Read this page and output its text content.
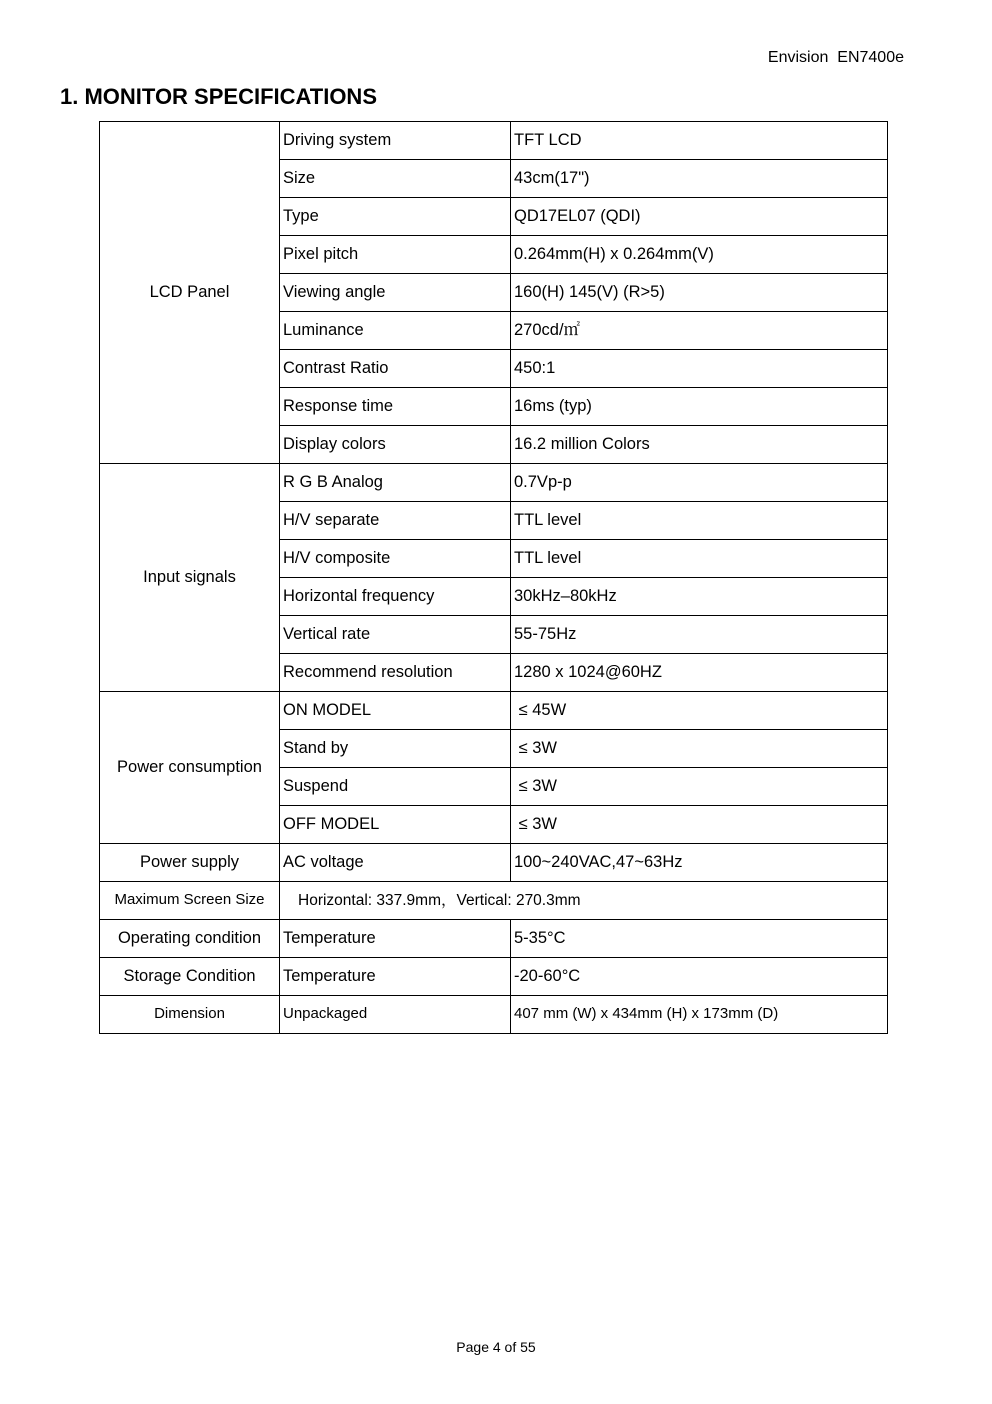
Envision  EN7400e
1. MONITOR SPECIFICATIONS
LCD Panel	Driving system	TFT LCD
	Size	43cm(17")
	Type	QD17EL07 (QDI)
	Pixel pitch	0.264mm(H) x 0.264mm(V)
	Viewing angle	160(H) 145(V) (R>5)
	Luminance	270cd/㎡
	Contrast Ratio	450:1
	Response time	16ms (typ)
	Display colors	16.2 million Colors
Input signals	R G B Analog	0.7Vp-p
	H/V separate	TTL level
	H/V composite	TTL level
	Horizontal frequency	30kHz–80kHz
	Vertical rate	55-75Hz
	Recommend resolution	1280 x 1024@60HZ
Power consumption	ON MODEL	≤ 45W
	Stand by	≤ 3W
	Suspend	≤ 3W
	OFF MODEL	≤ 3W
Power supply	AC voltage	100~240VAC,47~63Hz
Maximum Screen Size	Horizontal: 337.9mm，Vertical: 270.3mm	
Operating condition	Temperature	5-35°C
Storage Condition	Temperature	-20-60°C
Dimension	Unpackaged	407 mm (W) x 434mm (H) x 173mm (D)
Page 4 of 55
